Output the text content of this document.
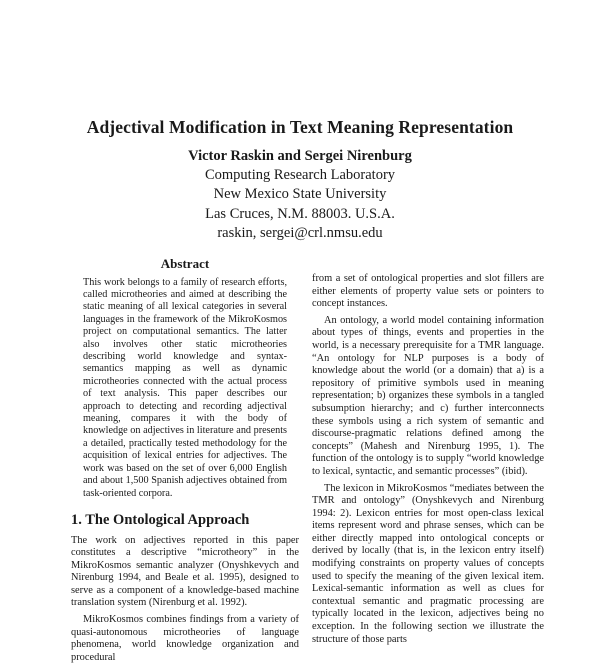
Adjectival Modification in Text Meaning Representation
Victor Raskin and Sergei Nirenburg
Computing Research Laboratory
New Mexico State University
Las Cruces, N.M. 88003. U.S.A.
raskin, sergei@crl.nmsu.edu
Abstract

This work belongs to a family of research efforts, called microtheories and aimed at describing the static meaning of all lexical categories in several languages in the framework of the MikroKosmos project on computational semantics. The latter also involves other static microtheories describing world knowledge and syntax-semantics mapping as well as dynamic microtheories connected with the actual process of text analysis. This paper describes our approach to detecting and recording adjectival meaning, compares it with the body of knowledge on adjectives in literature and presents a detailed, practically tested methodology for the acquisition of lexical entries for adjectives. The work was based on the set of over 6,000 English and about 1,500 Spanish adjectives obtained from task-oriented corpora.

1. The Ontological Approach

The work on adjectives reported in this paper constitutes a descriptive “microtheory” in the MikroKosmos semantic analyzer (Onyshkevych and Nirenburg 1994, and Beale et al. 1995), designed to serve as a component of a knowledge-based machine translation system (Nirenburg et al. 1992).

MikroKosmos combines findings from a variety of quasi-autonomous microtheories of language phenomena, world knowledge organization and procedural

from a set of ontological properties and slot fillers are either elements of property value sets or pointers to concept instances.

An ontology, a world model containing information about types of things, events and properties in the world, is a necessary prerequisite for a TMR language. “An ontology for NLP purposes is a body of knowledge about the world (or a domain) that a) is a repository of primitive symbols used in meaning representation; b) organizes these symbols in a tangled subsumption hierarchy; and c) further interconnects these symbols using a rich system of semantic and discourse-pragmatic relations defined among the concepts” (Mahesh and Nirenburg 1995, 1). The function of the ontology is to supply “world knowledge to lexical, syntactic, and semantic processes” (ibid).

The lexicon in MikroKosmos “mediates between the TMR and ontology” (Onyshkevych and Nirenburg 1994: 2). Lexicon entries for most open-class lexical items represent word and phrase senses, which can be either directly mapped into ontological concepts or derived by locally (that is, in the lexicon entry itself) modifying constraints on property values of concepts used to specify the meaning of the given lexical item. Lexical-semantic information as well as clues for contextual semantic and pragmatic processing are typically located in the lexicon, adjectives being no exception. In the following section we illustrate the structure of those parts
